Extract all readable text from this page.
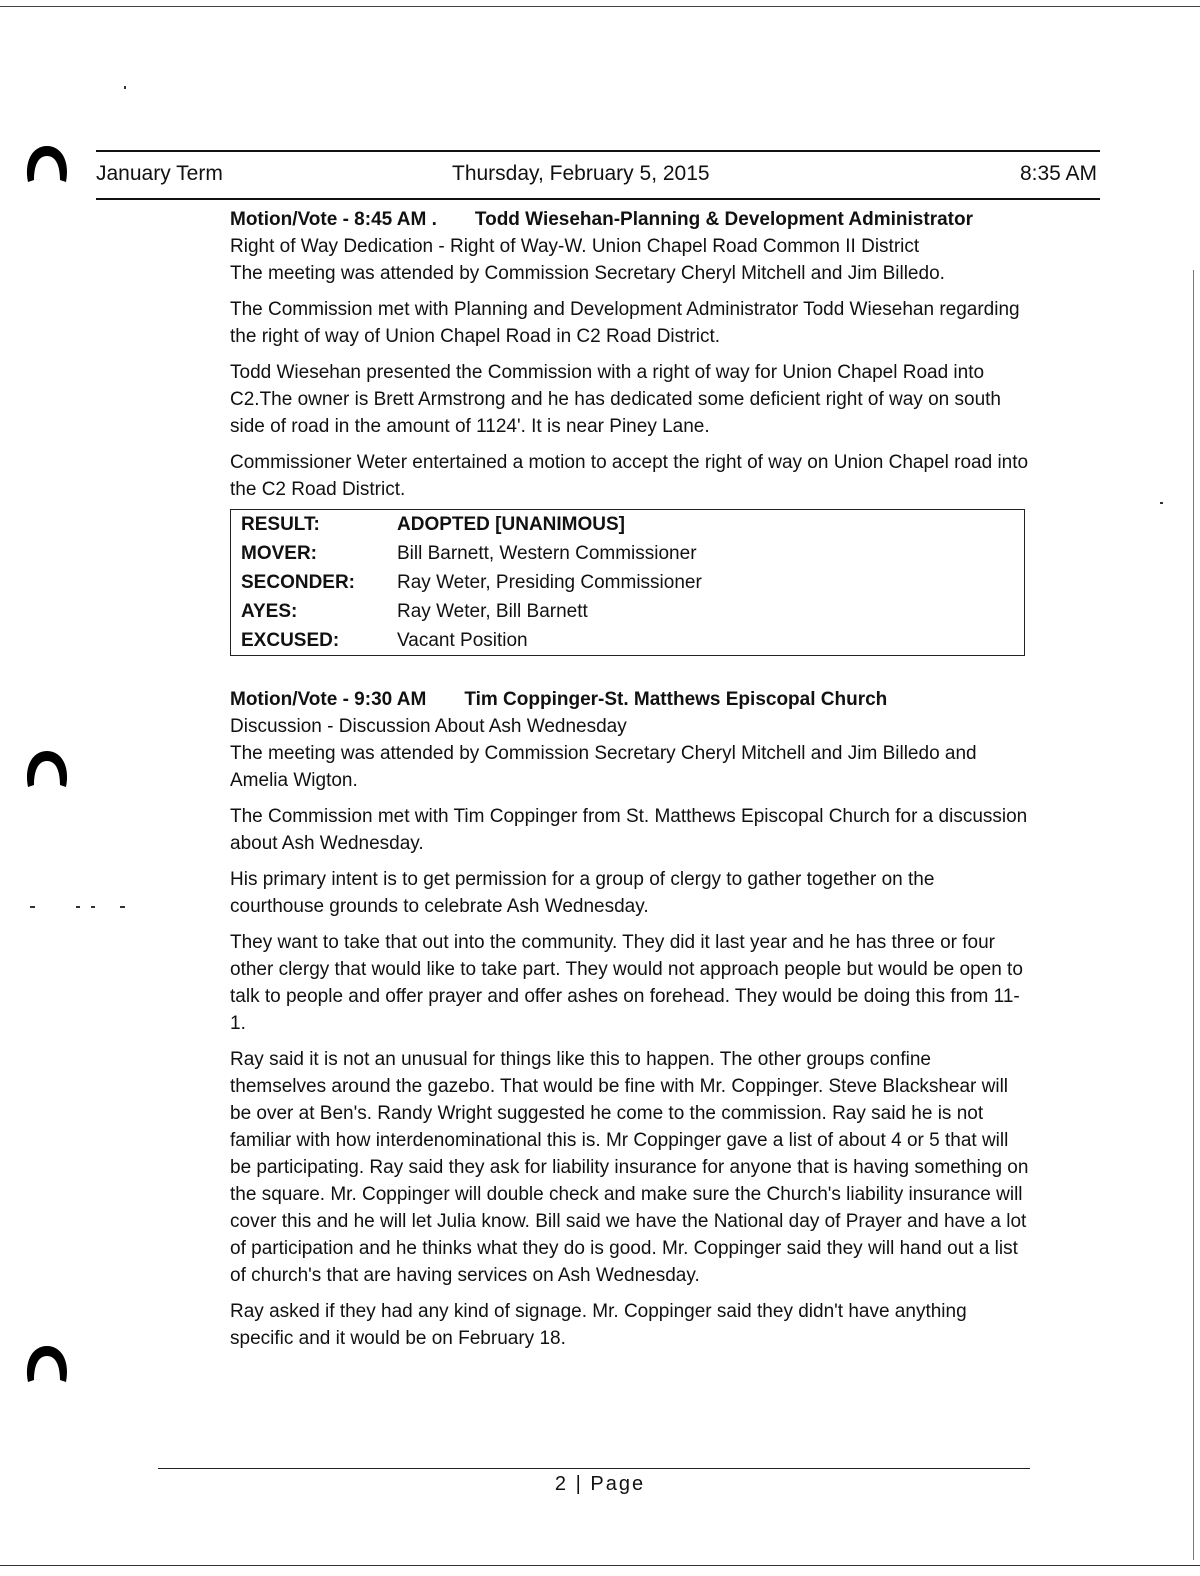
January Term	Thursday, February 5, 2015	8:35 AM
Motion/Vote - 8:45 AM . Todd Wiesehan-Planning & Development Administrator
Right of Way Dedication - Right of Way-W. Union Chapel Road Common II District
The meeting was attended by Commission Secretary Cheryl Mitchell and Jim Billedo.

The Commission met with Planning and Development Administrator Todd Wiesehan regarding the right of way of Union Chapel Road in C2 Road District.

Todd Wiesehan presented the Commission with a right of way for Union Chapel Road into C2.The owner is Brett Armstrong and he has dedicated some deficient right of way on south side of road in the amount of 1124'. It is near Piney Lane.

Commissioner Weter entertained a motion to accept the right of way on Union Chapel road into the C2 Road District.

RESULT:	ADOPTED [UNANIMOUS]
MOVER:	Bill Barnett, Western Commissioner
SECONDER:	Ray Weter, Presiding Commissioner
AYES:	Ray Weter, Bill Barnett
EXCUSED:	Vacant Position
Motion/Vote - 9:30 AM Tim Coppinger-St. Matthews Episcopal Church
Discussion - Discussion About Ash Wednesday

The meeting was attended by Commission Secretary Cheryl Mitchell and Jim Billedo and Amelia Wigton.

The Commission met with Tim Coppinger from St. Matthews Episcopal Church for a discussion about Ash Wednesday.

His primary intent is to get permission for a group of clergy to gather together on the courthouse grounds to celebrate Ash Wednesday.

They want to take that out into the community. They did it last year and he has three or four other clergy that would like to take part. They would not approach people but would be open to talk to people and offer prayer and offer ashes on forehead. They would be doing this from 11-1.

Ray said it is not an unusual for things like this to happen. The other groups confine themselves around the gazebo. That would be fine with Mr. Coppinger. Steve Blackshear will be over at Ben's. Randy Wright suggested he come to the commission. Ray said he is not familiar with how interdenominational this is. Mr Coppinger gave a list of about 4 or 5 that will be participating. Ray said they ask for liability insurance for anyone that is having something on the square. Mr. Coppinger will double check and make sure the Church's liability insurance will cover this and he will let Julia know. Bill said we have the National day of Prayer and have a lot of participation and he thinks what they do is good. Mr. Coppinger said they will hand out a list of church's that are having services on Ash Wednesday.

Ray asked if they had any kind of signage. Mr. Coppinger said they didn't have anything specific and it would be on February 18.

2 | Page
